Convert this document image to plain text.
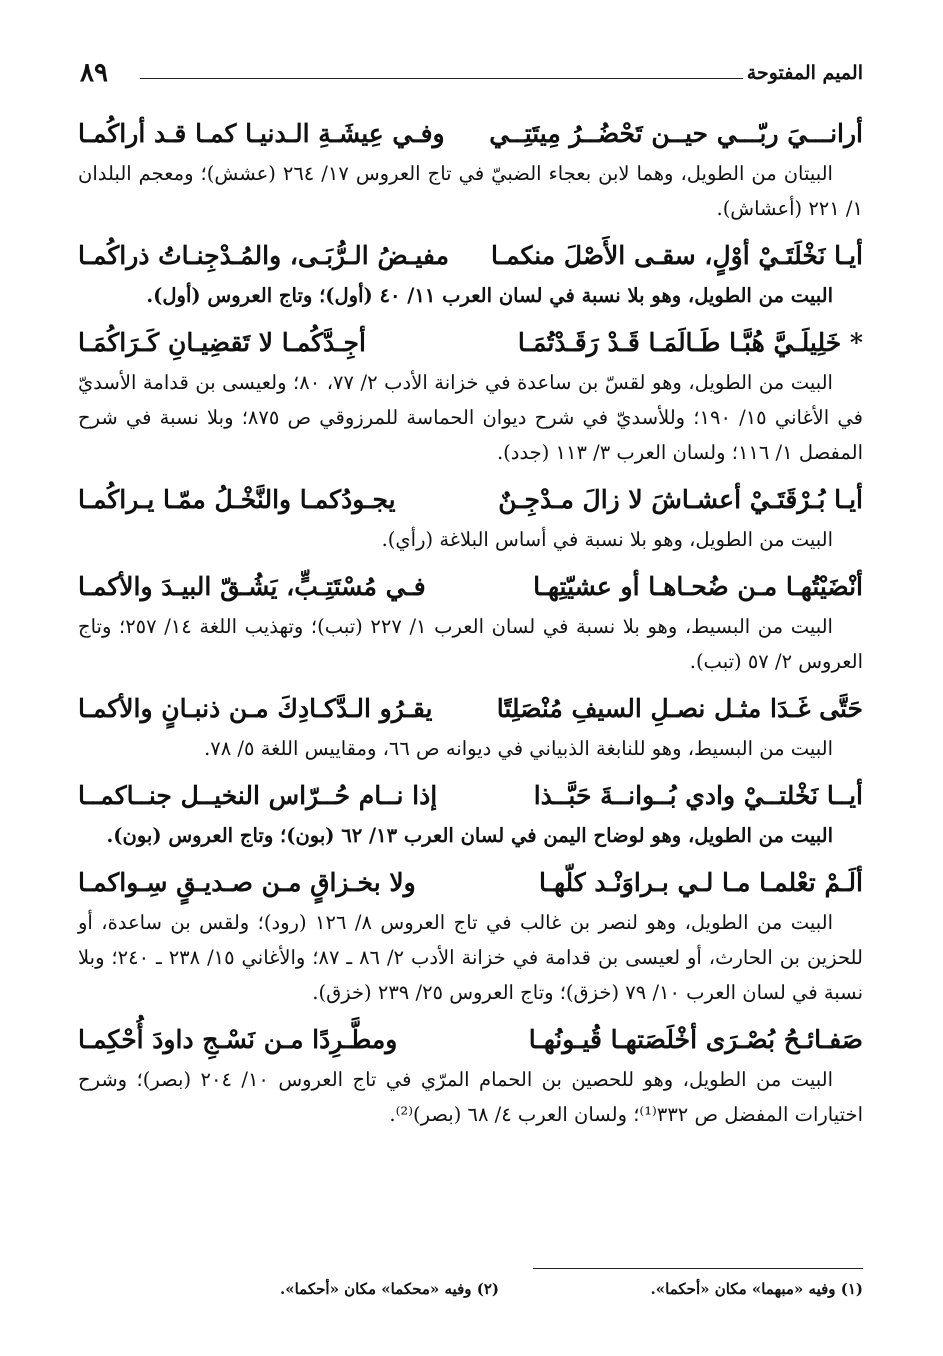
الميم المفتوحة
٨٩
أرانـــيَ ربّـــي حيــن تَحْضُــرُ مِيتَتِــي
وفـي عِيشَـةِ الـدنيـا كمـا قـد أراكُمـا
البيتان من الطويل، وهما لابن بعجاء الضبيّ في تاج العروس ١٧/ ٢٦٤ (عشش)؛ ومعجم البلدان ١/ ٢٢١ (أعشاش).
أيـا نَخْلَتَـيْ أوْلٍ، سقـى الأَصْلَ منكمـا
مفيـضُ الـرُّبَـى، والمُـدْجِنـاتُ ذراكُمـا
البيت من الطويل، وهو بلا نسبة في لسان العرب ١١/ ٤٠ (أول)؛ وتاج العروس (أول).
* خَلِيلَـيَّ هُبَّـا طَـالَمَـا قَـدْ رَقَـدْتُمَـا
أجِـدَّكُمـا لا تَقضِيـانِ كَـرَاكُمَـا
البيت من الطويل، وهو لقسّ بن ساعدة في خزانة الأدب ٢/ ٧٧، ٨٠؛ ولعيسى بن قدامة الأسديّ في الأغاني ١٥/ ١٩٠؛ وللأسديّ في شرح ديوان الحماسة للمرزوقي ص ٨٧٥؛ وبلا نسبة في شرح المفصل ١/ ١١٦؛ ولسان العرب ٣/ ١١٣ (جدد).
أيـا بُـرْقَتَـيْ أعشـاشَ لا زالَ مـدْجِـنٌ
يجـودُكمـا والنَّخْـلُ ممّـا يـراكُمـا
البيت من الطويل، وهو بلا نسبة في أساس البلاغة (رأي).
أنْضَيْتُهـا مـن ضُحـاهـا أو عشيّتِهـا
فـي مُسْتَتِـبٍّ، يَشُـقّ البيـدَ والأكمـا
البيت من البسيط، وهو بلا نسبة في لسان العرب ١/ ٢٢٧ (تبب)؛ وتهذيب اللغة ١٤/ ٢٥٧؛ وتاج العروس ٢/ ٥٧ (تبب).
حَتَّى غَـدَا مثـل نصـلِ السيفِ مُنْصَلِتًا
يقـرُو الـدَّكـادِكَ مـن ذنبـانٍ والأكمـا
البيت من البسيط، وهو للنابغة الذبياني في ديوانه ص ٦٦، ومقاييس اللغة ٥/ ٧٨.
أيــا نَخْلتــيْ وادي بُــوانــةَ حَبَّــذا
إذا نــام حُــرّاس النخيــل جنــاكمــا
البيت من الطويل، وهو لوضاح اليمن في لسان العرب ١٣/ ٦٢ (بون)؛ وتاج العروس (بون).
ألَـمْ تعْلمـا مـا لـي بـراوَنْـد كلّهـا
ولا بخـزاقٍ مـن صـديـقٍ سِـواكمـا
البيت من الطويل، وهو لنصر بن غالب في تاج العروس ٨/ ١٢٦ (رود)؛ ولقس بن ساعدة، أو للحزين بن الحارث، أو لعيسى بن قدامة في خزانة الأدب ٢/ ٨٦ ـ ٨٧؛ والأغاني ١٥/ ٢٣٨ ـ ٢٤٠؛ وبلا نسبة في لسان العرب ١٠/ ٧٩ (خزق)؛ وتاج العروس ٢٥/ ٢٣٩ (خزق).
صَفـائـحُ بُصْـرَى أخْلَصَتهـا قُيـونُهـا
ومطَّـرِدًا مـن نَسْـجِ داودَ أُحْكِمـا
البيت من الطويل، وهو للحصين بن الحمام المرّي في تاج العروس ١٠/ ٢٠٤ (بصر)؛ وشرح اختيارات المفضل ص ٣٣٢⁽¹⁾؛ ولسان العرب ٤/ ٦٨ (بصر)⁽²⁾.
(١) وفيه «مبهما» مكان «أحكما».
(٢) وفيه «محكما» مكان «أحكما».
